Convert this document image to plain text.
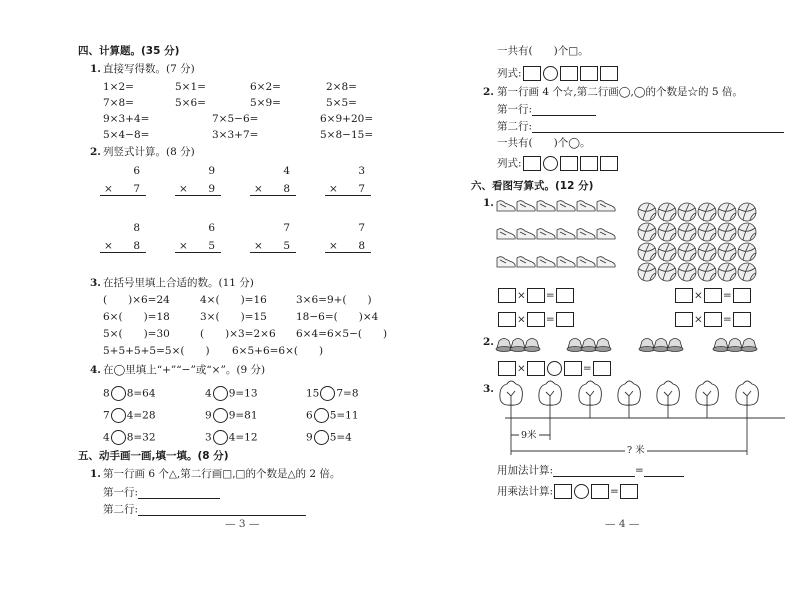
四、计算题。(35 分)
1. 直接写得数。(7 分)
1×2=	5×1=	6×2=	2×8=
7×8=	5×6=	5×9=	5×5=
9×3+4=	7×5−6=	6×9+20=
5×4−8=	3×3+7=	5×8−15=
2. 列竖式计算。(8 分)
6
× 7
9
× 9
4
× 8
3
× 7
8
× 8
6
× 5
7
× 5
7
× 8
3. 在括号里填上合适的数。(11 分)
(　　)×6=24	4×(　　)=16	3×6=9+(　　)
6×(　　)=18	3×(　　)=15	18−6=(　　)×4
5×(　　)=30	(　　)×3=2×6 6×4=6×5−(　　)
5+5+5+5=5×(　　) 6×5+6=6×(　　)
4. 在◯里填上“+”“−”或“×”。(9 分)
8 8=64	4 9=13	15 7=8
7 4=28	9 9=81	6 5=11
4 8=32	3 4=12	9 5=4
五、动手画一画,填一填。(8 分)
1. 第一行画 6 个△,第二行画□,□的个数是△的 2 倍。
第一行:
第二行:
— 3 —
一共有(　　)个□。
列式:
2. 第一行画 4 个☆,第二行画◯,◯的个数是☆的 5 倍。
第一行:
第二行:
一共有(　　)个◯。
列式:
六、看图写算式。(12 分)
1.
× =	× =
× =	× =
2.
×	=
3.
9米
? 米
用加法计算:	=
用乘法计算:	=
— 4 —
